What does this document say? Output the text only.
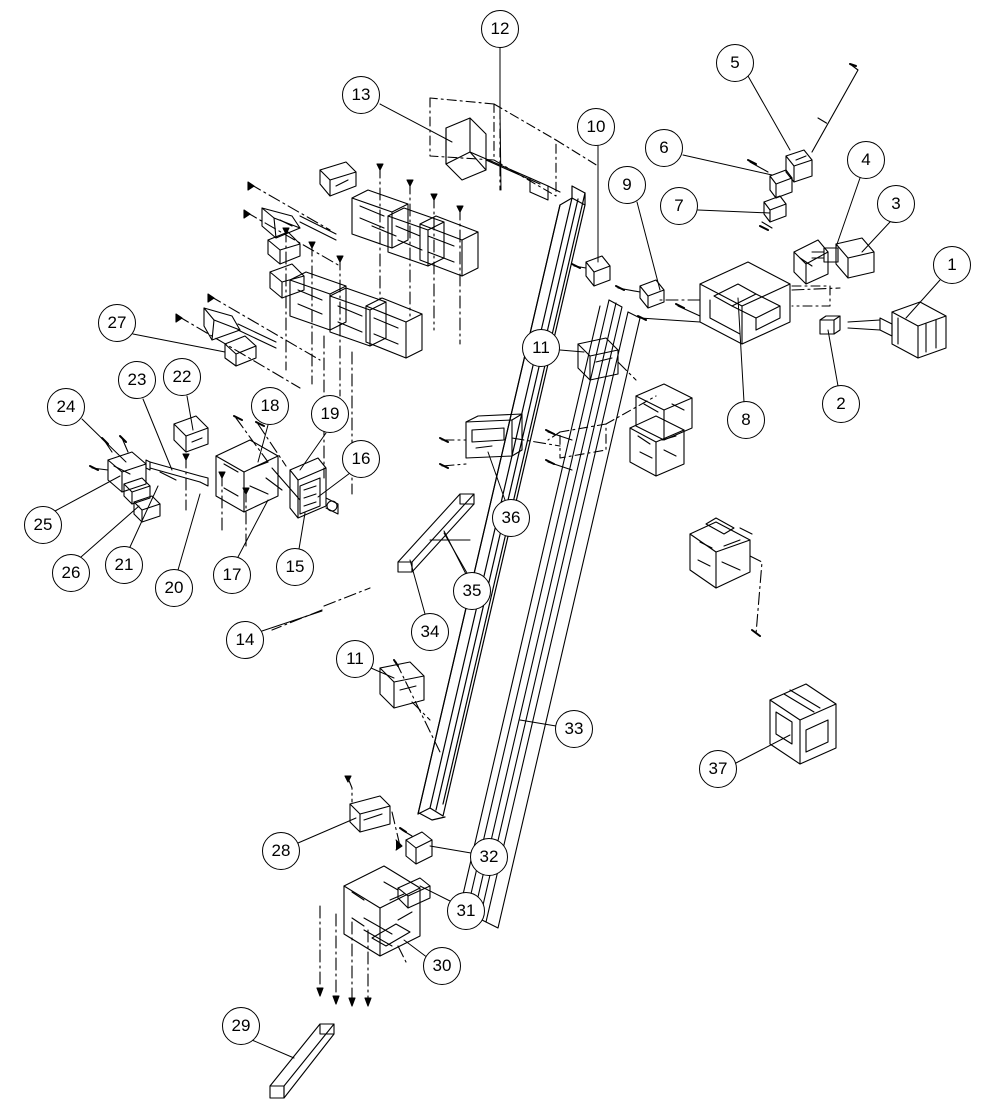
12
5
13
10
6
4
9
7	3
1
27
2
11
8
22
23
24	18	19
16
25	36
26	21
20
17	15
35
14	34
11
33
37
28	32
31
30
29
